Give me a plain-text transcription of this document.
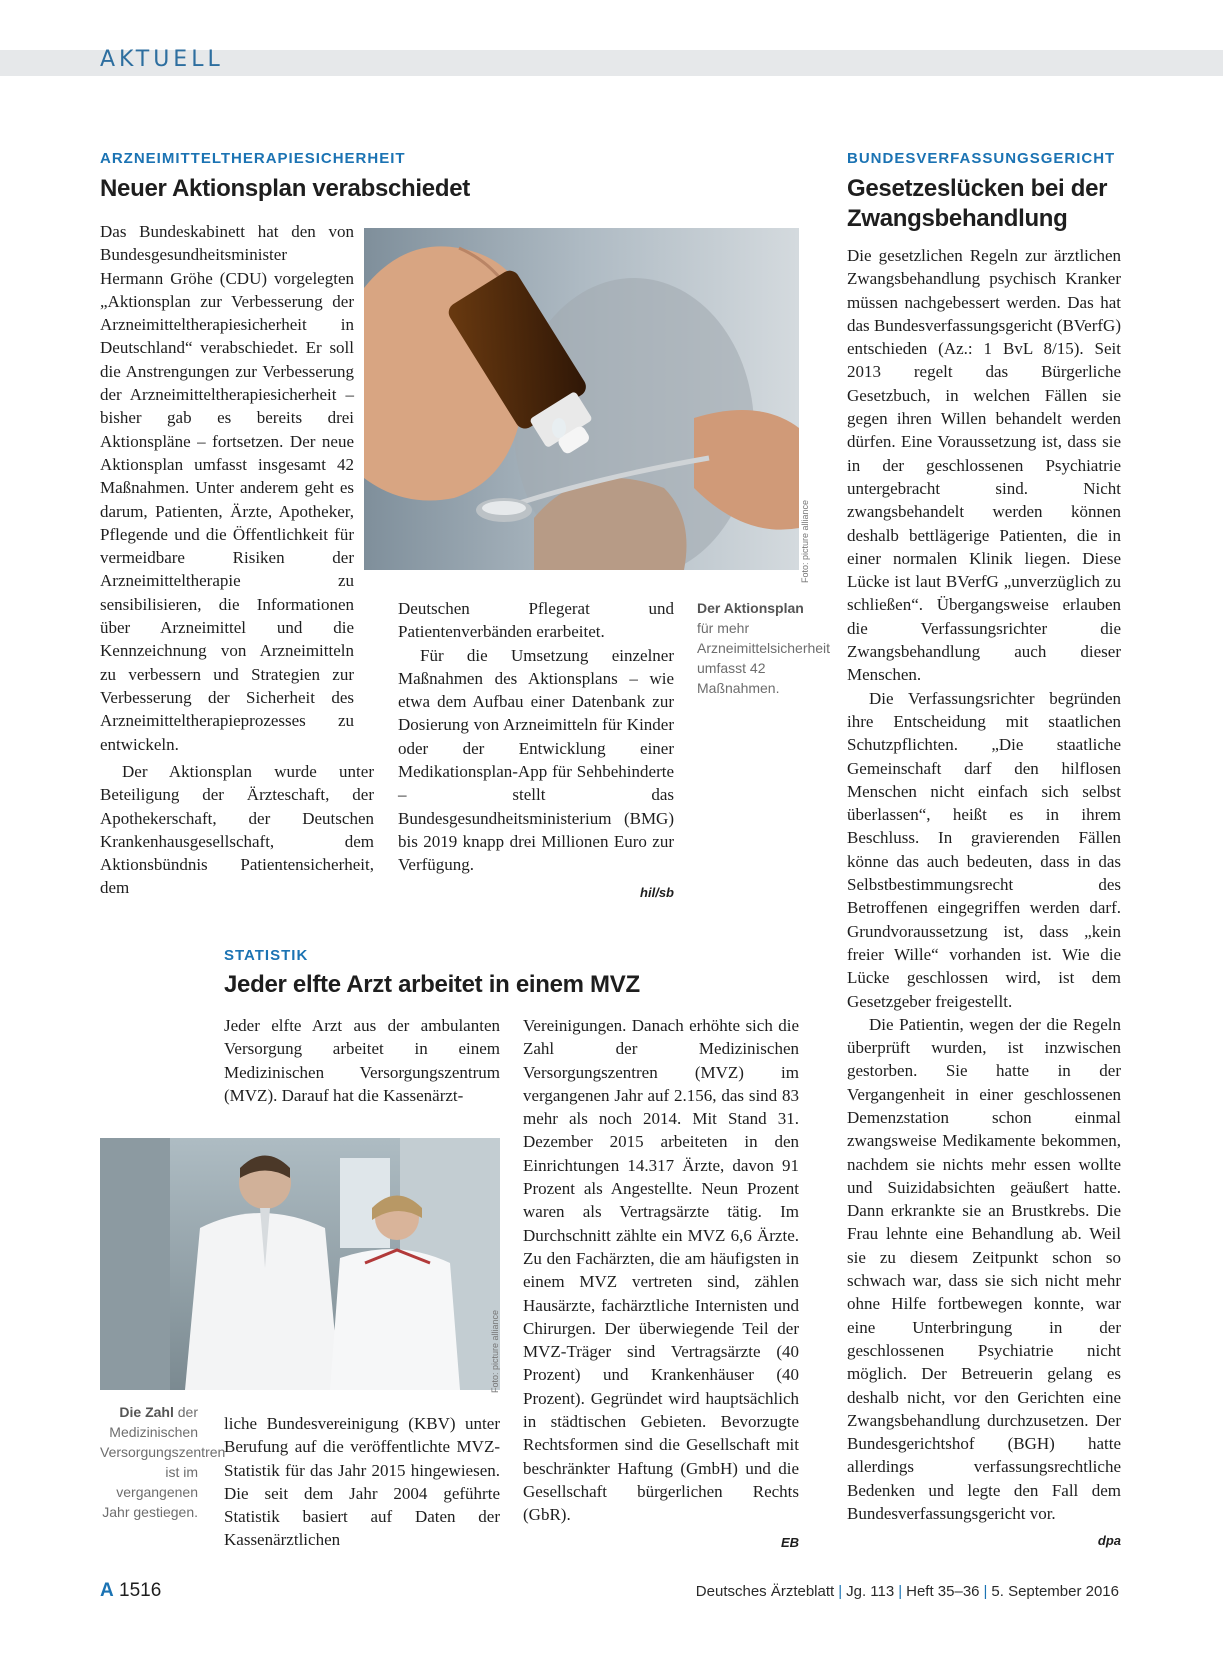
AKTUELL
ARZNEIMITTELTHERAPIESICHERHEIT
Neuer Aktionsplan verabschiedet
Foto: picture alliance

Das Bundeskabinett hat den von Bundesgesundheitsminister Hermann Gröhe (CDU) vorgelegten „Aktionsplan zur Verbesserung der Arzneimitteltherapiesicherheit in Deutschland“ verabschiedet. Er soll die Anstrengungen zur Verbesserung der Arzneimitteltherapiesicherheit – bisher gab es bereits drei Aktionspläne – fortsetzen. Der neue Aktionsplan umfasst insgesamt 42 Maßnahmen. Unter anderem geht es darum, Patienten, Ärzte, Apotheker, Pflegende und die Öffentlichkeit für vermeidbare Risiken der Arzneimitteltherapie zu sensibilisieren, die Informationen über Arzneimittel und die Kennzeichnung von Arzneimitteln zu verbessern und Strategien zur Verbesserung der Sicherheit des Arzneimitteltherapieprozesses zu entwickeln.

Der Aktionsplan wurde unter Beteiligung der Ärzteschaft, der Apothekerschaft, der Deutschen Krankenhausgesellschaft, dem Aktionsbündnis Patientensicherheit, dem

Deutschen Pflegerat und Patientenverbänden erarbeitet.

Für die Umsetzung einzelner Maßnahmen des Aktionsplans – wie etwa dem Aufbau einer Datenbank zur Dosierung von Arzneimitteln für Kinder oder der Entwicklung einer Medikationsplan-App für Sehbehinderte – stellt das Bundesgesundheitsministerium (BMG) bis 2019 knapp drei Millionen Euro zur Verfügung.

hil/sb
Der Aktionsplan für mehr Arzneimittelsicherheit umfasst 42 Maßnahmen.
STATISTIK
Jeder elfte Arzt arbeitet in einem MVZ

Jeder elfte Arzt aus der ambulanten Versorgung arbeitet in einem Medizinischen Versorgungszentrum (MVZ). Darauf hat die Kassenärzt-

Foto: picture alliance
Die Zahl der Medizinischen Versorgungszentren ist im vergangenen Jahr gestiegen.

liche Bundesvereinigung (KBV) unter Berufung auf die veröffentlichte MVZ-Statistik für das Jahr 2015 hingewiesen. Die seit dem Jahr 2004 geführte Statistik basiert auf Daten der Kassenärztlichen

Vereinigungen. Danach erhöhte sich die Zahl der Medizinischen Versorgungszentren (MVZ) im vergangenen Jahr auf 2.156, das sind 83 mehr als noch 2014. Mit Stand 31. Dezember 2015 arbeiteten in den Einrichtungen 14.317 Ärzte, davon 91 Prozent als Angestellte. Neun Prozent waren als Vertragsärzte tätig. Im Durchschnitt zählte ein MVZ 6,6 Ärzte. Zu den Fachärzten, die am häufigsten in einem MVZ vertreten sind, zählen Hausärzte, fachärztliche Internisten und Chirurgen. Der überwiegende Teil der MVZ-Träger sind Vertragsärzte (40 Prozent) und Krankenhäuser (40 Prozent). Gegründet wird hauptsächlich in städtischen Gebieten. Bevorzugte Rechtsformen sind die Gesellschaft mit beschränkter Haftung (GmbH) und die Gesellschaft bürgerlichen Rechts (GbR).

EB
BUNDESVERFASSUNGSGERICHT
Gesetzeslücken bei der Zwangsbehandlung

Die gesetzlichen Regeln zur ärztlichen Zwangsbehandlung psychisch Kranker müssen nachgebessert werden. Das hat das Bundesverfassungsgericht (BVerfG) entschieden (Az.: 1 BvL 8/15). Seit 2013 regelt das Bürgerliche Gesetzbuch, in welchen Fällen sie gegen ihren Willen behandelt werden dürfen. Eine Voraussetzung ist, dass sie in der geschlossenen Psychiatrie untergebracht sind. Nicht zwangsbehandelt werden können deshalb bettlägerige Patienten, die in einer normalen Klinik liegen. Diese Lücke ist laut BVerfG „unverzüglich zu schließen“. Übergangsweise erlauben die Verfassungsrichter die Zwangsbehandlung auch dieser Menschen.

Die Verfassungsrichter begründen ihre Entscheidung mit staatlichen Schutzpflichten. „Die staatliche Gemeinschaft darf den hilflosen Menschen nicht einfach sich selbst überlassen“, heißt es in ihrem Beschluss. In gravierenden Fällen könne das auch bedeuten, dass in das Selbstbestimmungsrecht des Betroffenen eingegriffen werden darf. Grundvoraussetzung ist, dass „kein freier Wille“ vorhanden ist. Wie die Lücke geschlossen wird, ist dem Gesetzgeber freigestellt.

Die Patientin, wegen der die Regeln überprüft wurden, ist inzwischen gestorben. Sie hatte in der Vergangenheit in einer geschlossenen Demenzstation schon einmal zwangsweise Medikamente bekommen, nachdem sie nichts mehr essen wollte und Suizidabsichten geäußert hatte. Dann erkrankte sie an Brustkrebs. Die Frau lehnte eine Behandlung ab. Weil sie zu diesem Zeitpunkt schon so schwach war, dass sie sich nicht mehr ohne Hilfe fortbewegen konnte, war eine Unterbringung in der geschlossenen Psychiatrie nicht möglich. Der Betreuerin gelang es deshalb nicht, vor den Gerichten eine Zwangsbehandlung durchzusetzen. Der Bundesgerichtshof (BGH) hatte allerdings verfassungsrechtliche Bedenken und legte den Fall dem Bundesverfassungsgericht vor.

dpa
A 1516	Deutsches Ärzteblatt | Jg. 113 | Heft 35–36 | 5. September 2016
